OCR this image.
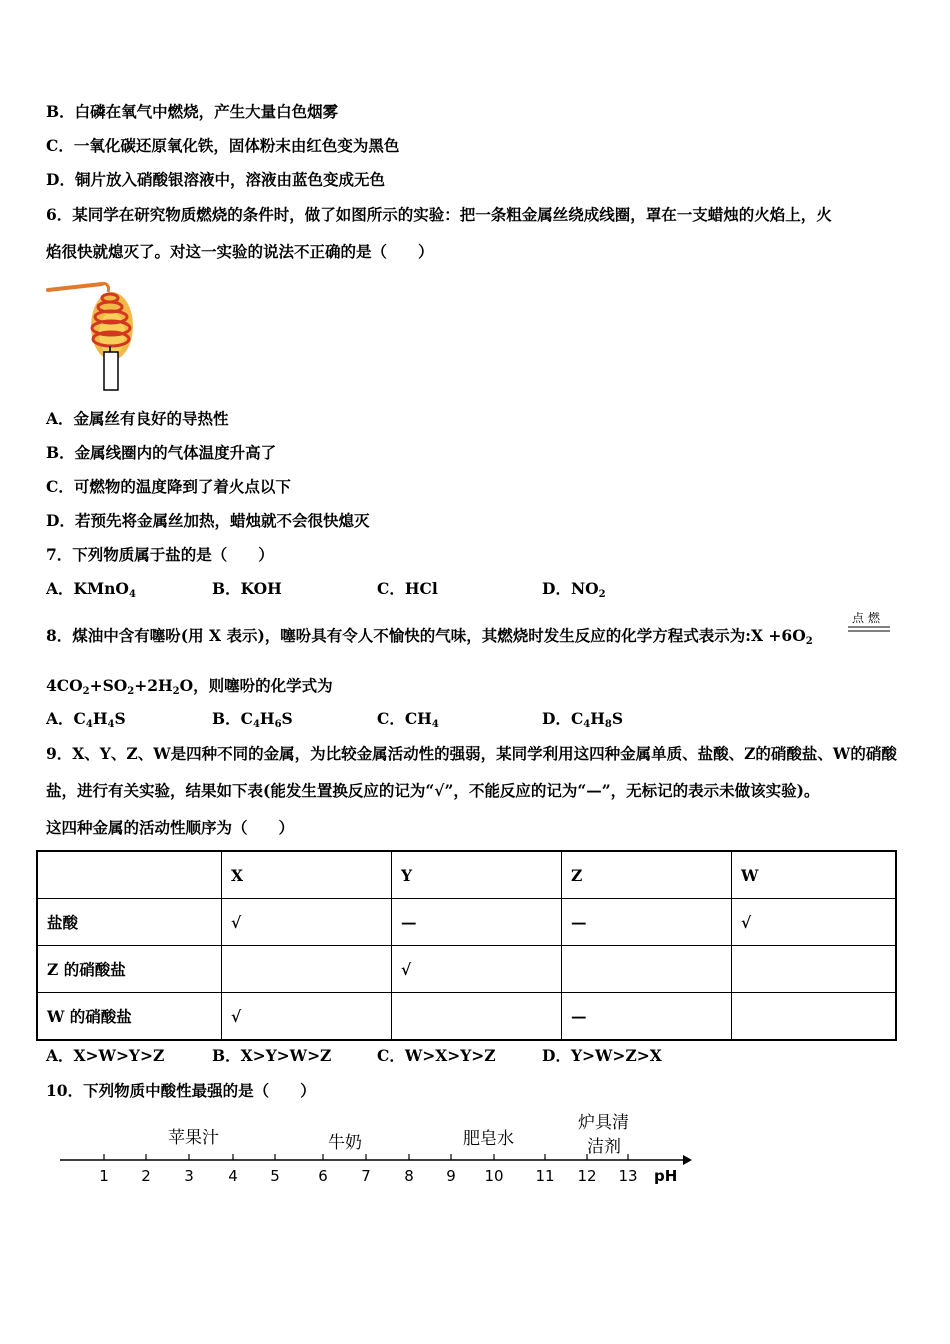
B．白磷在氧气中燃烧，产生大量白色烟雾
C．一氧化碳还原氧化铁，固体粉末由红色变为黑色
D．铜片放入硝酸银溶液中，溶液由蓝色变成无色
6．某同学在研究物质燃烧的条件时，做了如图所示的实验：把一条粗金属丝绕成线圈，罩在一支蜡烛的火焰上，火
焰很快就熄灭了。对这一实验的说法不正确的是（　　）
A．金属丝有良好的导热性
B．金属线圈内的气体温度升高了
C．可燃物的温度降到了着火点以下
D．若预先将金属丝加热，蜡烛就不会很快熄灭
7．下列物质属于盐的是（　　）
A．KMnO$_4$	B．KOH	C．HCl	D．$NO_2$
8．煤油中含有噻吩(用 X 表示)，噻吩具有令人不愉快的气味，其燃烧时发生反应的化学方程式表示为:X $+6O_2$
点燃
$4CO_2+SO_2+2H_2O$，则噻吩的化学式为
A．$C_4H_4S$	B．$C_4H_6S$	C．$CH_4$	D．$C_4H_8S$
9．X、Y、Z、W是四种不同的金属，为比较金属活动性的强弱，某同学利用这四种金属单质、盐酸、Z的硝酸盐、W的硝酸
盐，进行有关实验，结果如下表(能发生置换反应的记为“√”，不能反应的记为“—”，无标记的表示未做该实验)。
这四种金属的活动性顺序为（　　）
	X	Y	Z	W
盐酸	√	—	—	√
Z 的硝酸盐		√		
W 的硝酸盐	√		—	
A．X>W>Y>Z	B．X>Y>W>Z	C．W>X>Y>Z	D．Y>W>Z>X
10．下列物质中酸性最强的是（　　）
1 2 3 4 5	6 7 8 9 10 11 12 13 pH
苹果汁	牛奶	肥皂水
炉具清
洁剂
